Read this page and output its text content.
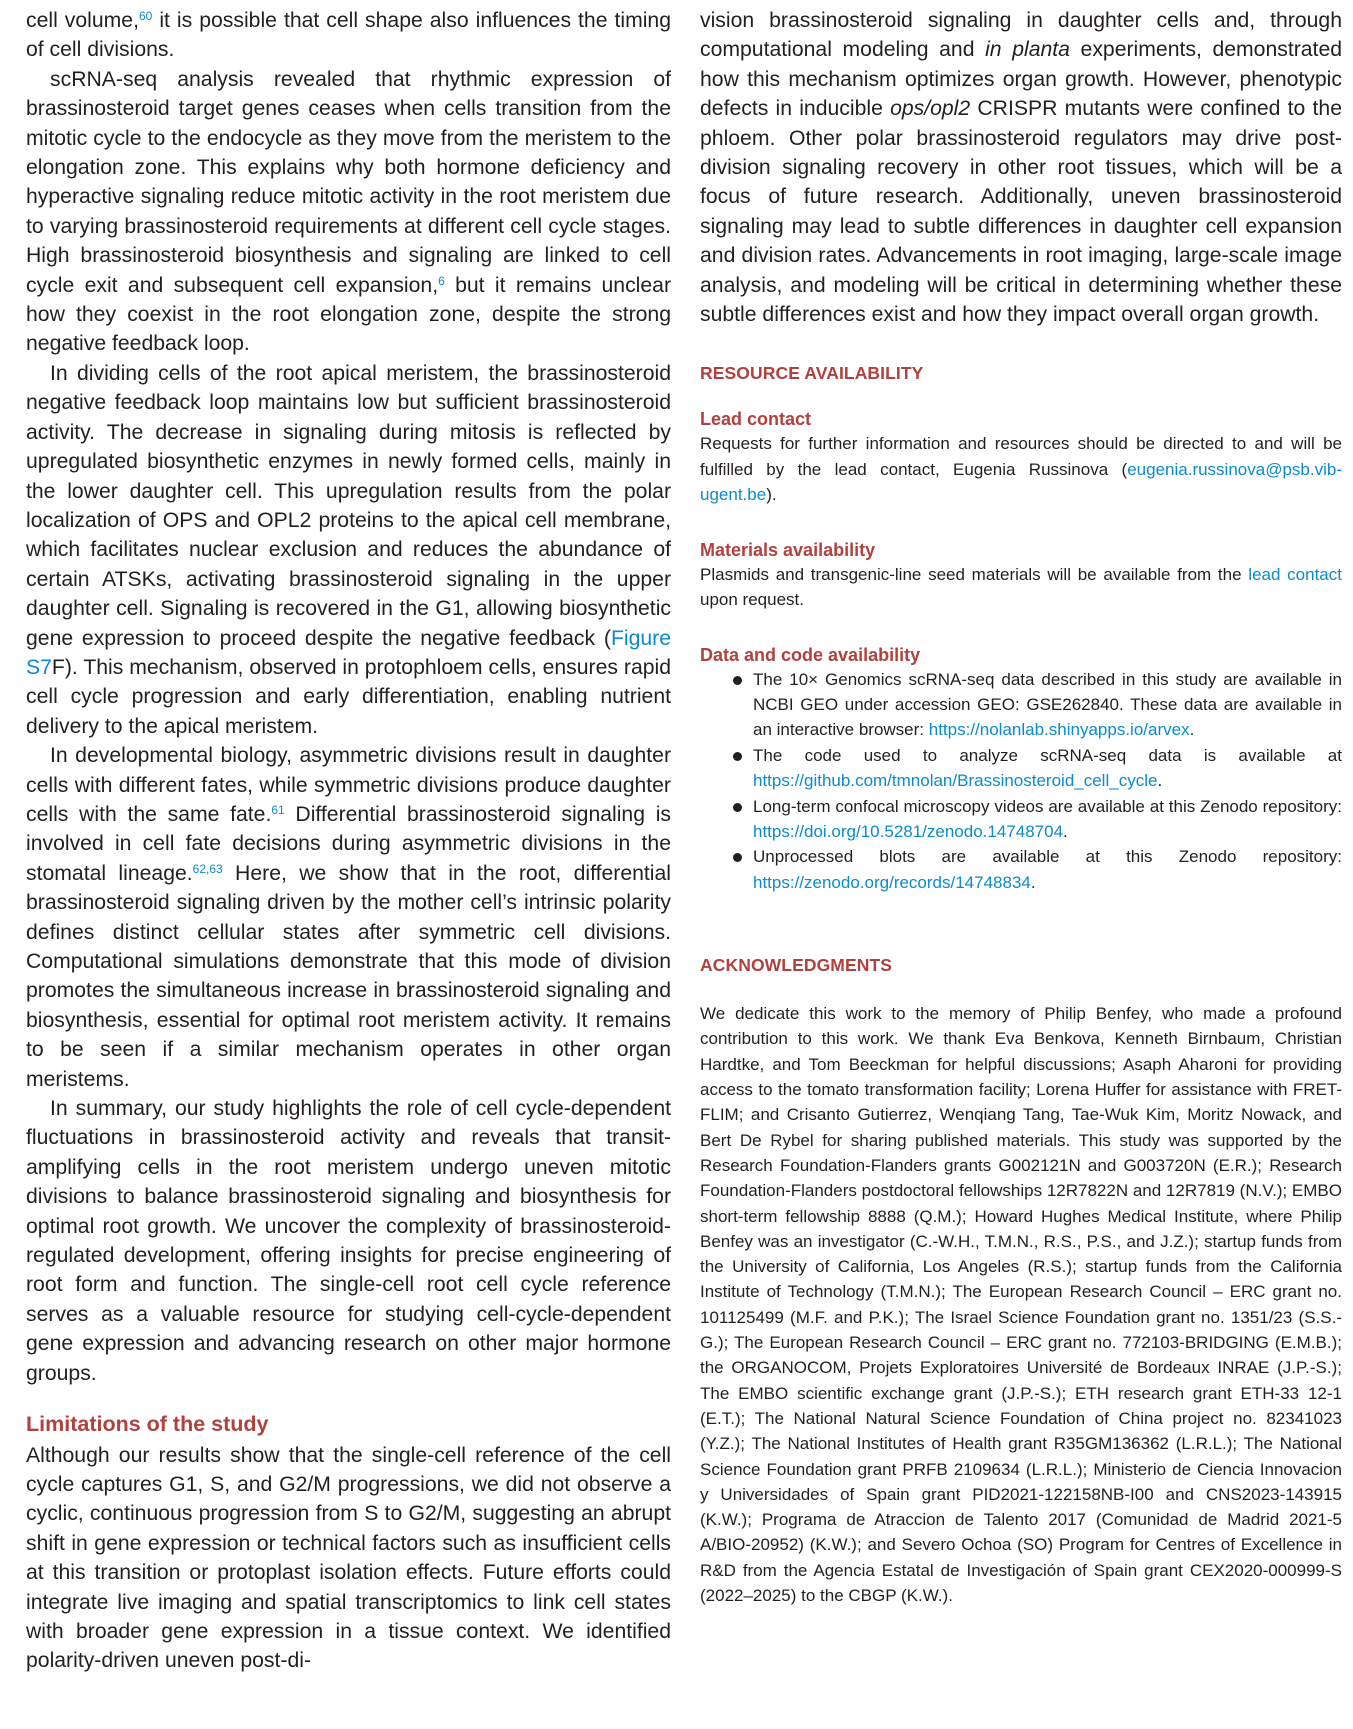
cell volume,$^{60}$ it is possible that cell shape also influences the timing of cell divisions.

scRNA-seq analysis revealed that rhythmic expression of brassinosteroid target genes ceases when cells transition from the mitotic cycle to the endocycle as they move from the meristem to the elongation zone. This explains why both hormone deficiency and hyperactive signaling reduce mitotic activity in the root meristem due to varying brassinosteroid requirements at different cell cycle stages. High brassinosteroid biosynthesis and signaling are linked to cell cycle exit and subsequent cell expansion,$^6$ but it remains unclear how they coexist in the root elongation zone, despite the strong negative feedback loop.

In dividing cells of the root apical meristem, the brassinosteroid negative feedback loop maintains low but sufficient brassinosteroid activity. The decrease in signaling during mitosis is reflected by upregulated biosynthetic enzymes in newly formed cells, mainly in the lower daughter cell. This upregulation results from the polar localization of OPS and OPL2 proteins to the apical cell membrane, which facilitates nuclear exclusion and reduces the abundance of certain ATSKs, activating brassinosteroid signaling in the upper daughter cell. Signaling is recovered in the G1, allowing biosynthetic gene expression to proceed despite the negative feedback (Figure S7F). This mechanism, observed in protophloem cells, ensures rapid cell cycle progression and early differentiation, enabling nutrient delivery to the apical meristem.

In developmental biology, asymmetric divisions result in daughter cells with different fates, while symmetric divisions produce daughter cells with the same fate.$^{61}$ Differential brassinosteroid signaling is involved in cell fate decisions during asymmetric divisions in the stomatal lineage.$^{62,63}$ Here, we show that in the root, differential brassinosteroid signaling driven by the mother cell’s intrinsic polarity defines distinct cellular states after symmetric cell divisions. Computational simulations demonstrate that this mode of division promotes the simultaneous increase in brassinosteroid signaling and biosynthesis, essential for optimal root meristem activity. It remains to be seen if a similar mechanism operates in other organ meristems.

In summary, our study highlights the role of cell cycle-dependent fluctuations in brassinosteroid activity and reveals that transit-amplifying cells in the root meristem undergo uneven mitotic divisions to balance brassinosteroid signaling and biosynthesis for optimal root growth. We uncover the complexity of brassinosteroid-regulated development, offering insights for precise engineering of root form and function. The single-cell root cell cycle reference serves as a valuable resource for studying cell-cycle-dependent gene expression and advancing research on other major hormone groups.

Limitations of the study

Although our results show that the single-cell reference of the cell cycle captures G1, S, and G2/M progressions, we did not observe a cyclic, continuous progression from S to G2/M, suggesting an abrupt shift in gene expression or technical factors such as insufficient cells at this transition or protoplast isolation effects. Future efforts could integrate live imaging and spatial transcriptomics to link cell states with broader gene expression in a tissue context. We identified polarity-driven uneven post-di-

vision brassinosteroid signaling in daughter cells and, through computational modeling and in planta experiments, demonstrated how this mechanism optimizes organ growth. However, phenotypic defects in inducible ops/opl2 CRISPR mutants were confined to the phloem. Other polar brassinosteroid regulators may drive post-division signaling recovery in other root tissues, which will be a focus of future research. Additionally, uneven brassinosteroid signaling may lead to subtle differences in daughter cell expansion and division rates. Advancements in root imaging, large-scale image analysis, and modeling will be critical in determining whether these subtle differences exist and how they impact overall organ growth.

RESOURCE AVAILABILITY
Lead contact

Requests for further information and resources should be directed to and will be fulfilled by the lead contact, Eugenia Russinova (eugenia.russinova@psb.vib-ugent.be).

Materials availability

Plasmids and transgenic-line seed materials will be available from the lead contact upon request.

Data and code availability
The 10× Genomics scRNA-seq data described in this study are available in NCBI GEO under accession GEO: GSE262840. These data are available in an interactive browser: https://nolanlab.shinyapps.io/arvex.
The code used to analyze scRNA-seq data is available at https://github.com/tmnolan/Brassinosteroid_cell_cycle.
Long-term confocal microscopy videos are available at this Zenodo repository: https://doi.org/10.5281/zenodo.14748704.
Unprocessed blots are available at this Zenodo repository: https://zenodo.org/records/14748834.
ACKNOWLEDGMENTS

We dedicate this work to the memory of Philip Benfey, who made a profound contribution to this work. We thank Eva Benkova, Kenneth Birnbaum, Christian Hardtke, and Tom Beeckman for helpful discussions; Asaph Aharoni for providing access to the tomato transformation facility; Lorena Huffer for assistance with FRET-FLIM; and Crisanto Gutierrez, Wenqiang Tang, Tae-Wuk Kim, Moritz Nowack, and Bert De Rybel for sharing published materials. This study was supported by the Research Foundation-Flanders grants G002121N and G003720N (E.R.); Research Foundation-Flanders postdoctoral fellowships 12R7822N and 12R7819 (N.V.); EMBO short-term fellowship 8888 (Q.M.); Howard Hughes Medical Institute, where Philip Benfey was an investigator (C.-W.H., T.M.N., R.S., P.S., and J.Z.); startup funds from the University of California, Los Angeles (R.S.); startup funds from the California Institute of Technology (T.M.N.); The European Research Council – ERC grant no. 101125499 (M.F. and P.K.); The Israel Science Foundation grant no. 1351/23 (S.S.-G.); The European Research Council – ERC grant no. 772103-BRIDGING (E.M.B.); the ORGANOCOM, Projets Exploratoires Université de Bordeaux INRAE (J.P.-S.); The EMBO scientific exchange grant (J.P.-S.); ETH research grant ETH-33 12-1 (E.T.); The National Natural Science Foundation of China project no. 82341023 (Y.Z.); The National Institutes of Health grant R35GM136362 (L.R.L.); The National Science Foundation grant PRFB 2109634 (L.R.L.); Ministerio de Ciencia Innovacion y Universidades of Spain grant PID2021-122158NB-I00 and CNS2023-143915 (K.W.); Programa de Atraccion de Talento 2017 (Comunidad de Madrid 2021-5 A/BIO-20952) (K.W.); and Severo Ochoa (SO) Program for Centres of Excellence in R&D from the Agencia Estatal de Investigación of Spain grant CEX2020-000999-S (2022–2025) to the CBGP (K.W.).
